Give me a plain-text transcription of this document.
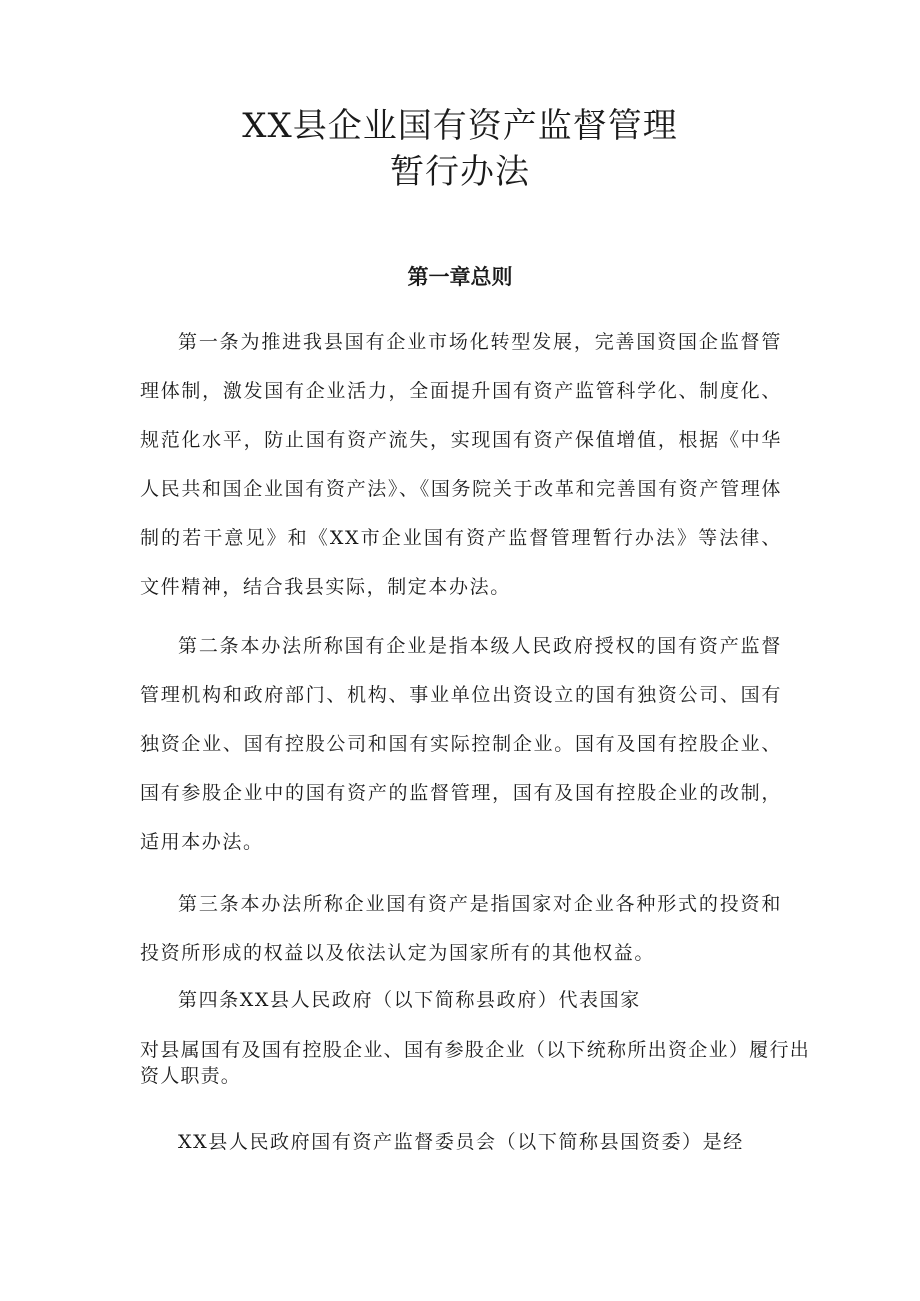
XX县企业国有资产监督管理
暂行办法
第一章总则

第一条为推进我县国有企业市场化转型发展，完善国资国企监督管理体制，激发国有企业活力，全面提升国有资产监管科学化、制度化、规范化水平，防止国有资产流失，实现国有资产保值增值，根据《中华人民共和国企业国有资产法》、《国务院关于改革和完善国有资产管理体制的若干意见》和《XX市企业国有资产监督管理暂行办法》等法律、文件精神，结合我县实际，制定本办法。

第二条本办法所称国有企业是指本级人民政府授权的国有资产监督管理机构和政府部门、机构、事业单位出资设立的国有独资公司、国有独资企业、国有控股公司和国有实际控制企业。国有及国有控股企业、国有参股企业中的国有资产的监督管理，国有及国有控股企业的改制，适用本办法。

第三条本办法所称企业国有资产是指国家对企业各种形式的投资和投资所形成的权益以及依法认定为国家所有的其他权益。

第四条XX县人民政府（以下简称县政府）代表国家

对县属国有及国有控股企业、国有参股企业（以下统称所出资企业）履行出资人职责。

XX县人民政府国有资产监督委员会（以下简称县国资委）是经
